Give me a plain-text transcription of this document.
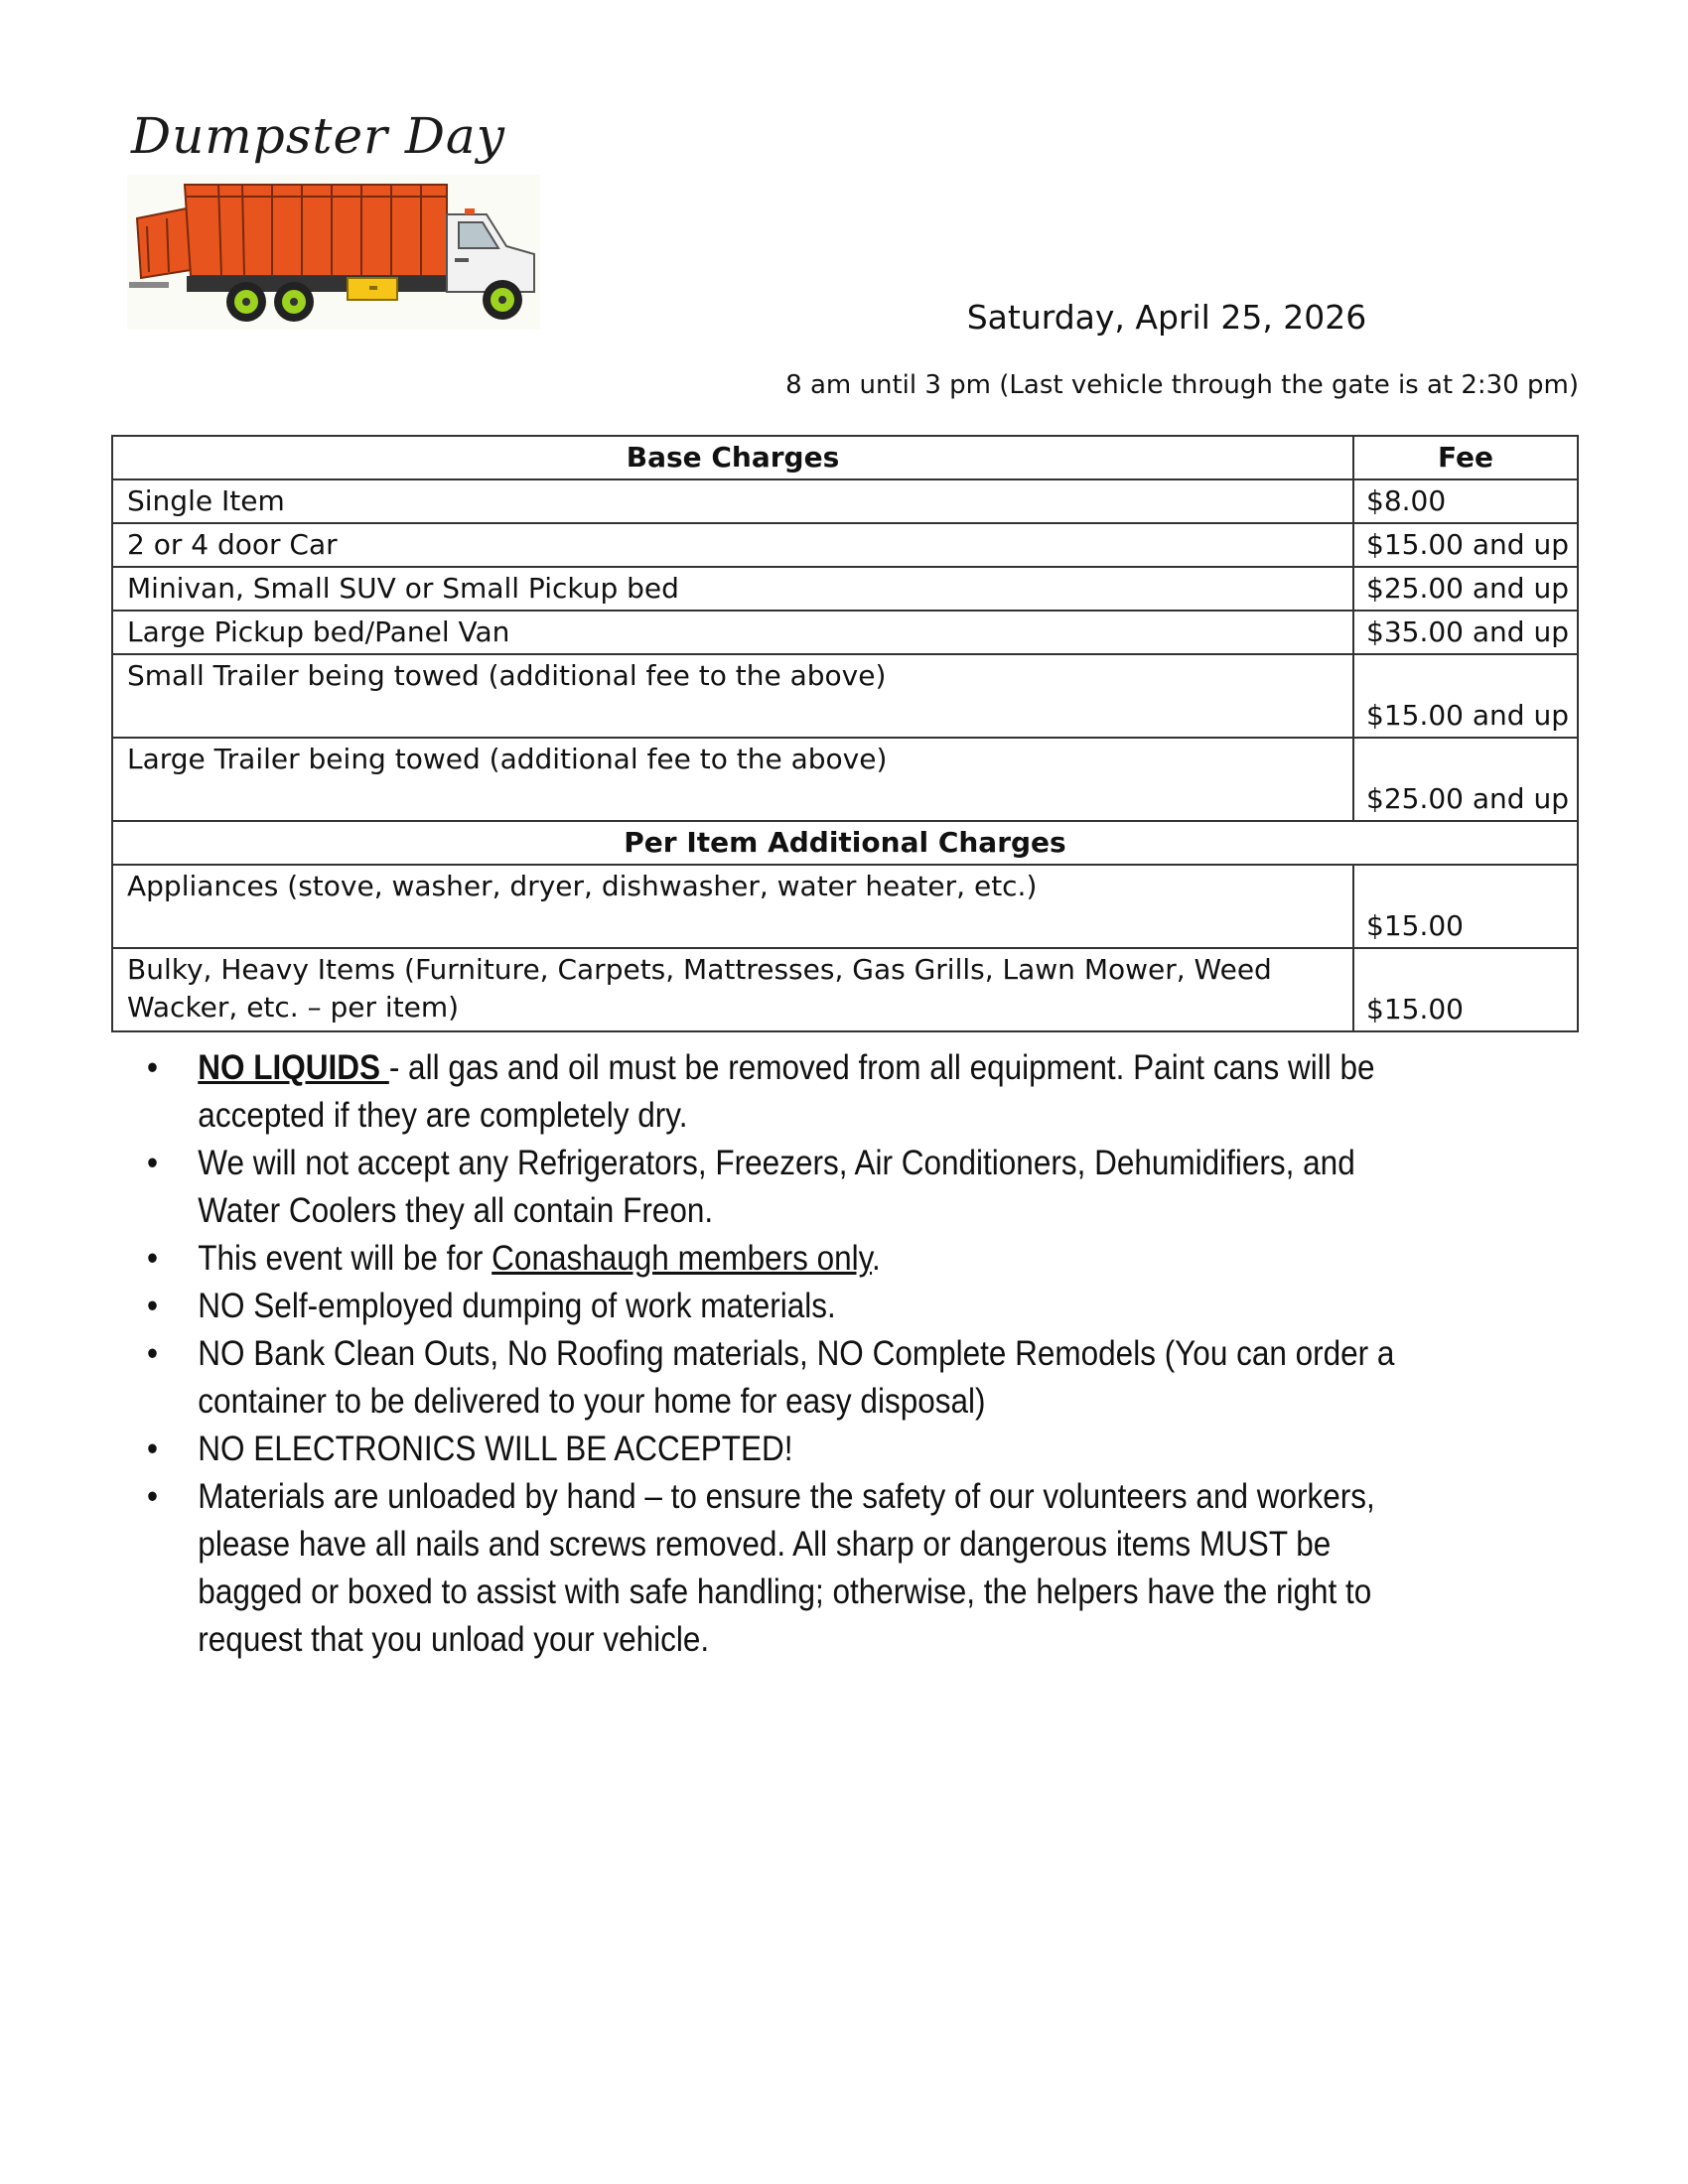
Dumpster Day
Saturday, April 25, 2026
8 am until 3 pm (Last vehicle through the gate is at 2:30 pm)
Base Charges	Fee
Single Item	$8.00
2 or 4 door Car	$15.00 and up
Minivan, Small SUV or Small Pickup bed	$25.00 and up
Large Pickup bed/Panel Van	$35.00 and up
Small Trailer being towed (additional fee to the above)	$15.00 and up
Large Trailer being towed (additional fee to the above)	$25.00 and up
Per Item Additional Charges	
Appliances (stove, washer, dryer, dishwasher, water heater, etc.)	$15.00
Bulky, Heavy Items (Furniture, Carpets, Mattresses, Gas Grills, Lawn Mower, Weed Wacker, etc. – per item)	$15.00
• NO LIQUIDS - all gas and oil must be removed from all equipment. Paint cans will be accepted if they are completely dry.
• We will not accept any Refrigerators, Freezers, Air Conditioners, Dehumidifiers, and Water Coolers they all contain Freon.
• This event will be for Conashaugh members only.
• NO Self-employed dumping of work materials.
• NO Bank Clean Outs, No Roofing materials, NO Complete Remodels (You can order a container to be delivered to your home for easy disposal)
• NO ELECTRONICS WILL BE ACCEPTED!
• Materials are unloaded by hand – to ensure the safety of our volunteers and workers, please have all nails and screws removed. All sharp or dangerous items MUST be bagged or boxed to assist with safe handling; otherwise, the helpers have the right to request that you unload your vehicle.
